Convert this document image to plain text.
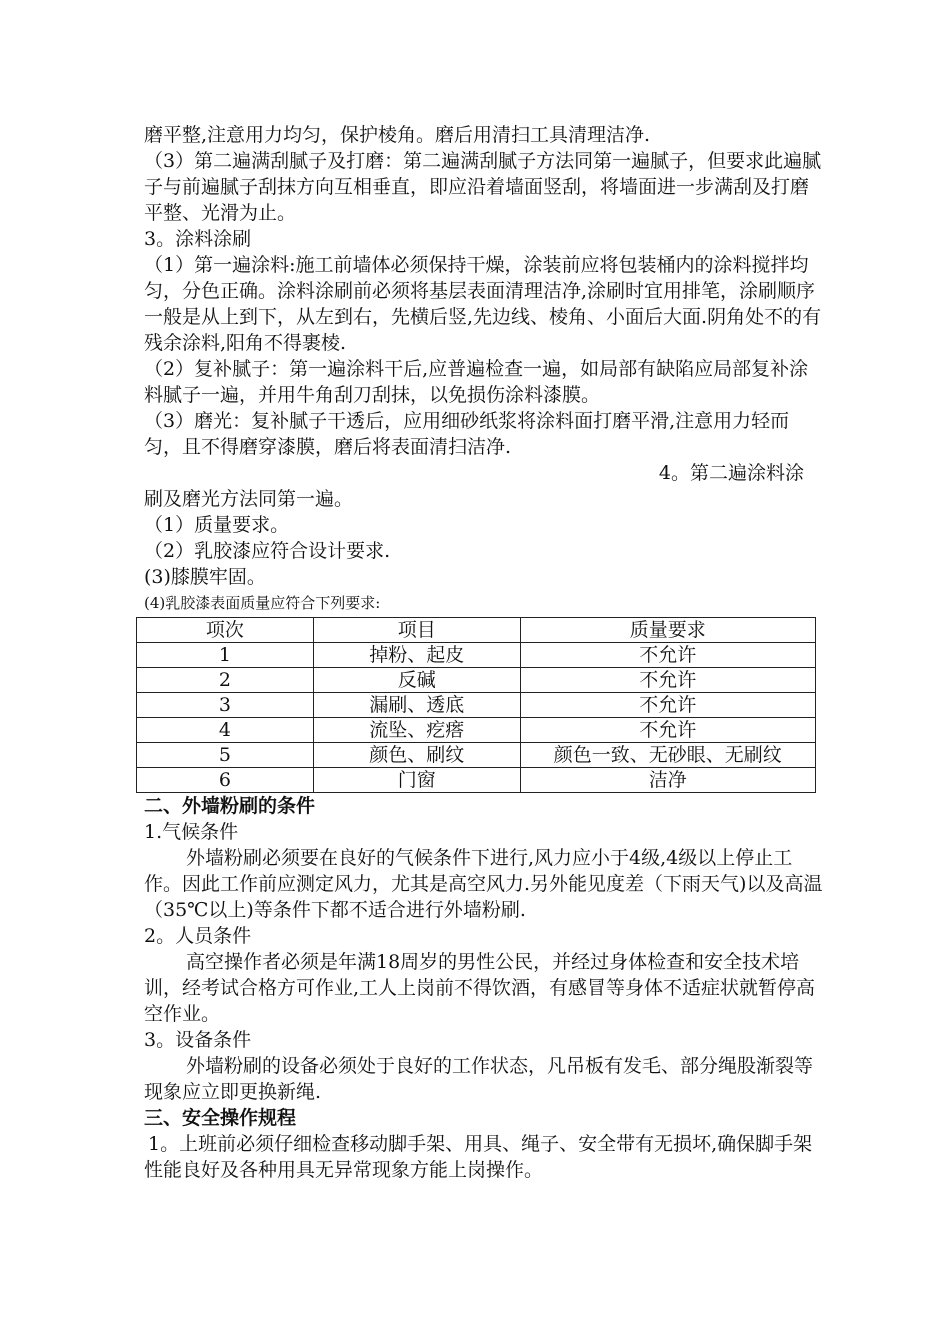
磨平整,注意用力均匀，保护棱角。磨后用清扫工具清理洁净.

（3）第二遍满刮腻子及打磨：第二遍满刮腻子方法同第一遍腻子，但要求此遍腻子与前遍腻子刮抹方向互相垂直，即应沿着墙面竖刮，将墙面进一步满刮及打磨平整、光滑为止。

3。涂料涂刷

（1）第一遍涂料:施工前墙体必须保持干燥，涂装前应将包装桶内的涂料搅拌均匀，分色正确。涂料涂刷前必须将基层表面清理洁净,涂刷时宜用排笔，涂刷顺序一般是从上到下，从左到右，先横后竖,先边线、棱角、小面后大面.阴角处不的有残余涂料,阳角不得裹棱.

（2）复补腻子：第一遍涂料干后,应普遍检查一遍，如局部有缺陷应局部复补涂料腻子一遍，并用牛角刮刀刮抹，以免损伤涂料漆膜。

（3）磨光：复补腻子干透后，应用细砂纸浆将涂料面打磨平滑,注意用力轻而匀，且不得磨穿漆膜，磨后将表面清扫洁净.

4。第二遍涂料涂

刷及磨光方法同第一遍。

（1）质量要求。

（2）乳胶漆应符合设计要求.

(3)膝膜牢固。

(4)乳胶漆表面质量应符合下列要求:

项次	项目	质量要求
1	掉粉、起皮	不允许
2	反碱	不允许
3	漏刷、透底	不允许
4	流坠、疙瘩	不允许
5	颜色、刷纹	颜色一致、无砂眼、无刷纹
6	门窗	洁净

二、外墙粉刷的条件

1.气候条件

外墙粉刷必须要在良好的气候条件下进行,风力应小于4级,4级以上停止工作。因此工作前应测定风力，尤其是高空风力.另外能见度差（下雨天气)以及高温（35℃以上)等条件下都不适合进行外墙粉刷.

2。人员条件

高空操作者必须是年满18周岁的男性公民，并经过身体检查和安全技术培训，经考试合格方可作业,工人上岗前不得饮酒，有感冒等身体不适症状就暂停高空作业。

3。设备条件

外墙粉刷的设备必须处于良好的工作状态，凡吊板有发毛、部分绳股渐裂等现象应立即更换新绳.

三、安全操作规程

1。上班前必须仔细检查移动脚手架、用具、绳子、安全带有无损坏,确保脚手架性能良好及各种用具无异常现象方能上岗操作。
